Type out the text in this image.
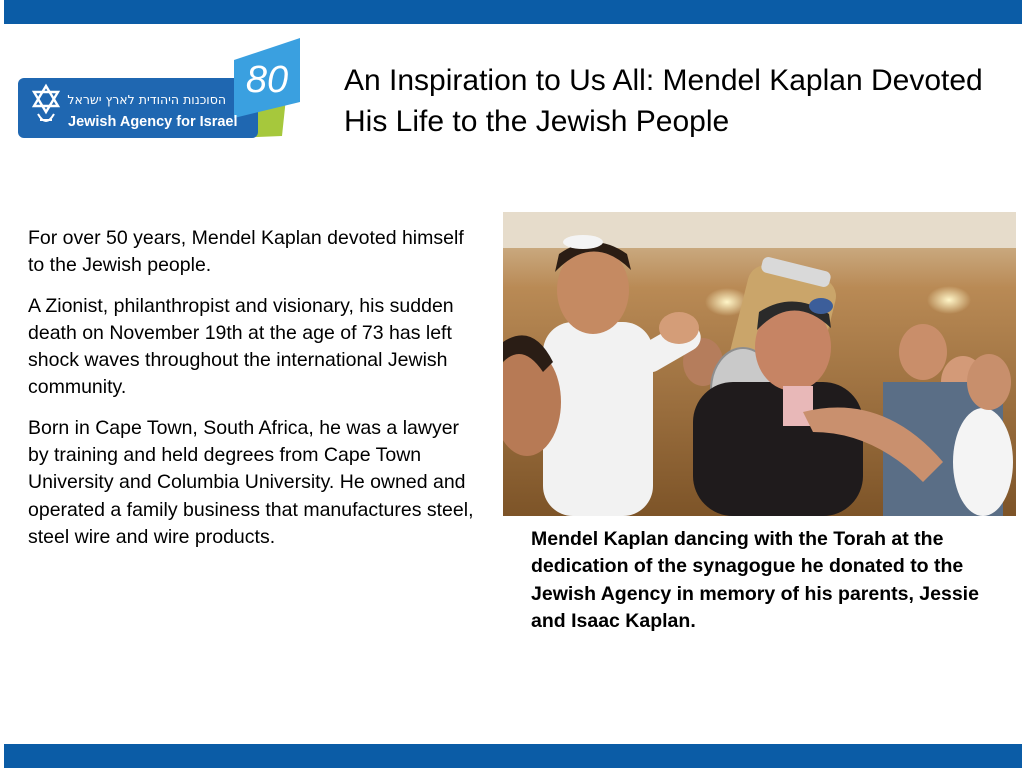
80
הסוכנות היהודית לארץ ישראל
Jewish Agency for Israel
An Inspiration to Us All: Mendel Kaplan Devoted His Life to the Jewish People

For over 50 years, Mendel Kaplan devoted himself to the Jewish people.

A Zionist, philanthropist and visionary, his sudden death on November 19th at the age of 73 has left shock waves throughout the international Jewish community.

Born in Cape Town, South Africa, he was a lawyer by training and held degrees from Cape Town University and Columbia University. He owned and operated a family business that manufactures steel, steel wire and wire products.	Mendel Kaplan dancing with the Torah at the dedication of the synagogue he donated to the Jewish Agency in memory of his parents, Jessie and Isaac Kaplan.
